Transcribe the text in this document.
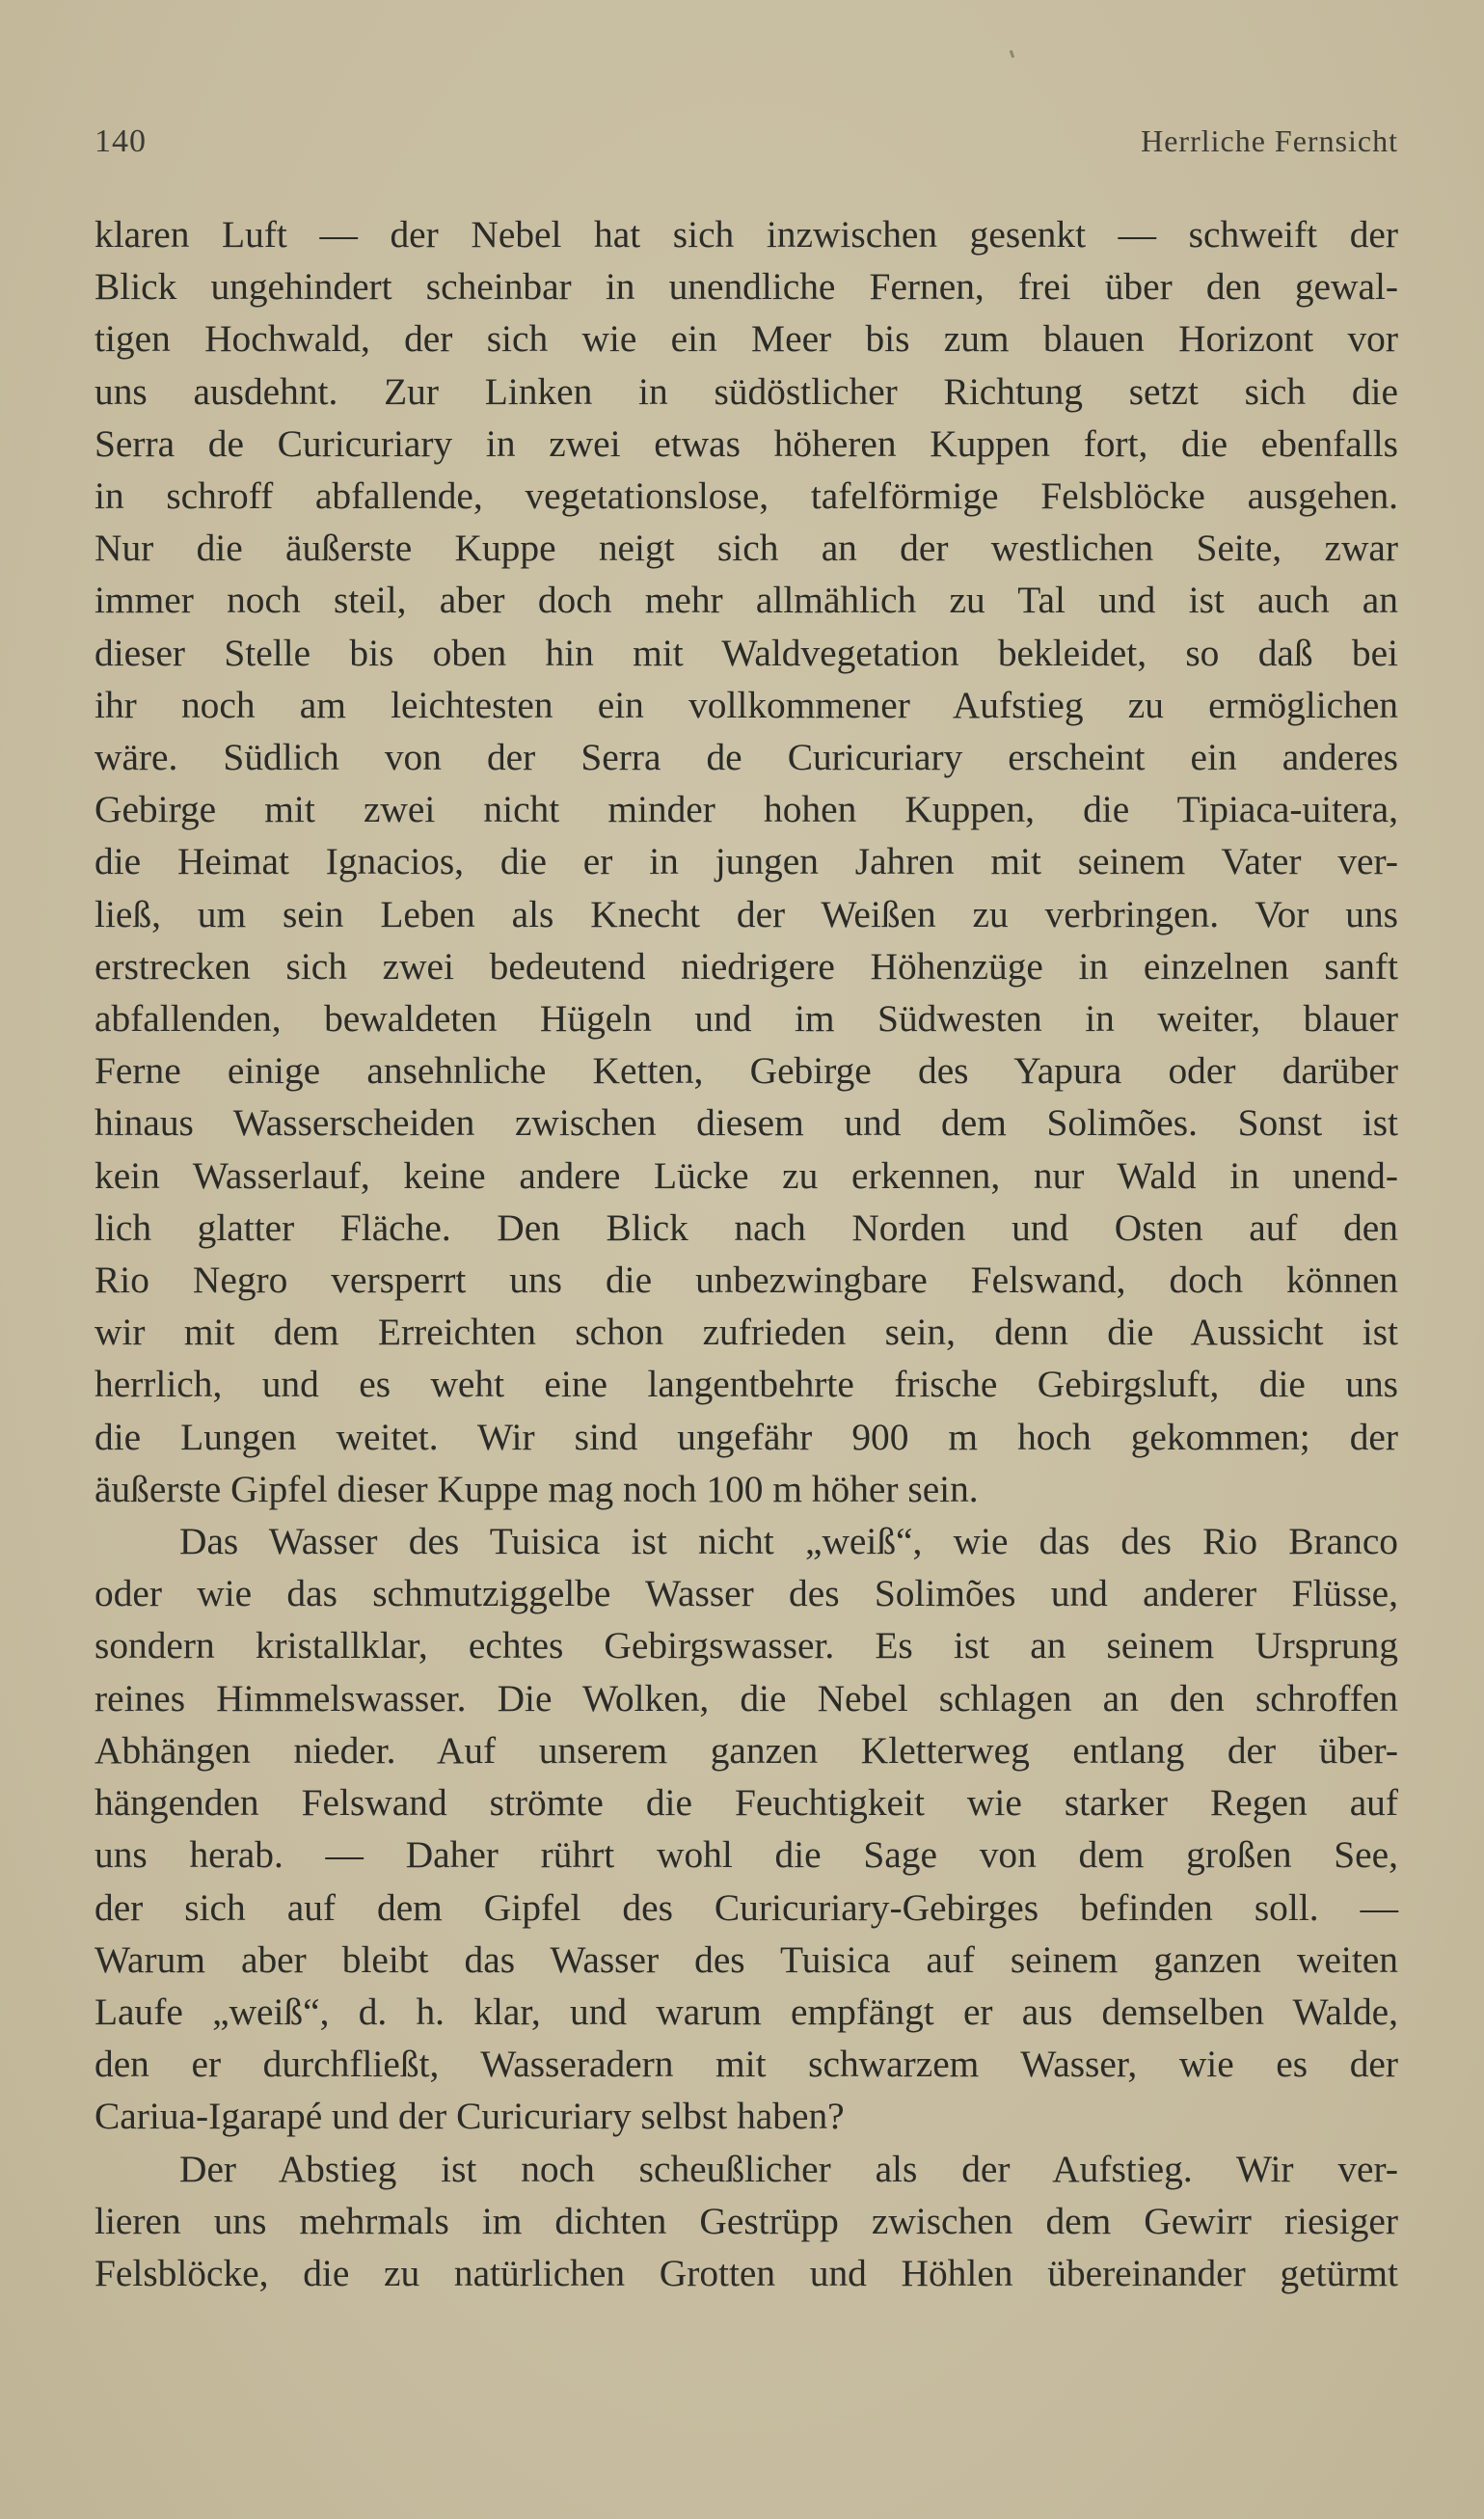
140	Herrliche Fernsicht
klaren Luft — der Nebel hat sich inzwischen gesenkt — schweift der
Blick ungehindert scheinbar in unendliche Fernen, frei über den gewal-
tigen Hochwald, der sich wie ein Meer bis zum blauen Horizont vor
uns ausdehnt. Zur Linken in südöstlicher Richtung setzt sich die
Serra de Curicuriary in zwei etwas höheren Kuppen fort, die ebenfalls
in schroff abfallende, vegetationslose, tafelförmige Felsblöcke ausgehen.
Nur die äußerste Kuppe neigt sich an der westlichen Seite, zwar
immer noch steil, aber doch mehr allmählich zu Tal und ist auch an
dieser Stelle bis oben hin mit Waldvegetation bekleidet, so daß bei
ihr noch am leichtesten ein vollkommener Aufstieg zu ermöglichen
wäre. Südlich von der Serra de Curicuriary erscheint ein anderes
Gebirge mit zwei nicht minder hohen Kuppen, die Tipiaca-uitera,
die Heimat Ignacios, die er in jungen Jahren mit seinem Vater ver-
ließ, um sein Leben als Knecht der Weißen zu verbringen. Vor uns
erstrecken sich zwei bedeutend niedrigere Höhenzüge in einzelnen sanft
abfallenden, bewaldeten Hügeln und im Südwesten in weiter, blauer
Ferne einige ansehnliche Ketten, Gebirge des Yapura oder darüber
hinaus Wasserscheiden zwischen diesem und dem Solimões. Sonst ist
kein Wasserlauf, keine andere Lücke zu erkennen, nur Wald in unend-
lich glatter Fläche. Den Blick nach Norden und Osten auf den
Rio Negro versperrt uns die unbezwingbare Felswand, doch können
wir mit dem Erreichten schon zufrieden sein, denn die Aussicht ist
herrlich, und es weht eine langentbehrte frische Gebirgsluft, die uns
die Lungen weitet. Wir sind ungefähr 900 m hoch gekommen; der
äußerste Gipfel dieser Kuppe mag noch 100 m höher sein.
Das Wasser des Tuisica ist nicht „weiß“, wie das des Rio Branco
oder wie das schmutziggelbe Wasser des Solimões und anderer Flüsse,
sondern kristallklar, echtes Gebirgswasser. Es ist an seinem Ursprung
reines Himmelswasser. Die Wolken, die Nebel schlagen an den schroffen
Abhängen nieder. Auf unserem ganzen Kletterweg entlang der über-
hängenden Felswand strömte die Feuchtigkeit wie starker Regen auf
uns herab. — Daher rührt wohl die Sage von dem großen See,
der sich auf dem Gipfel des Curicuriary-Gebirges befinden soll. —
Warum aber bleibt das Wasser des Tuisica auf seinem ganzen weiten
Laufe „weiß“, d. h. klar, und warum empfängt er aus demselben Walde,
den er durchfließt, Wasseradern mit schwarzem Wasser, wie es der
Cariua-Igarapé und der Curicuriary selbst haben?
Der Abstieg ist noch scheußlicher als der Aufstieg. Wir ver-
lieren uns mehrmals im dichten Gestrüpp zwischen dem Gewirr riesiger
Felsblöcke, die zu natürlichen Grotten und Höhlen übereinander getürmt
